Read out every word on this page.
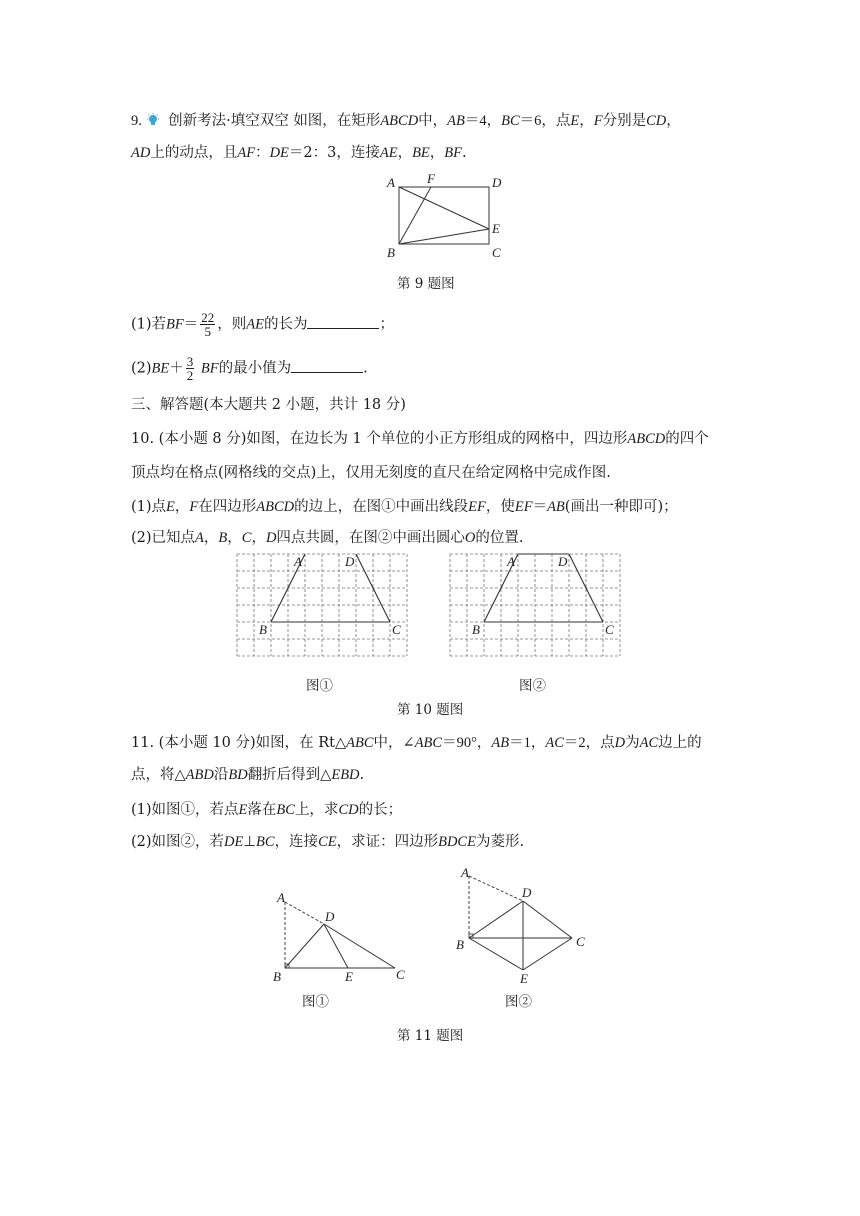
9. 创新考法·填空双空 如图，在矩形ABCD中，AB＝4，BC＝6，点E，F分别是CD，
AD上的动点，且AF：DE＝2：3，连接AE，BE，BF.
A F	D
E
B	C
第 9 题图
(1)若$BF= \frac{22}{5}$ ，则AE的长为	；
$(2)BE+ \frac{3}{2}$ BF的最小值为	.
三、解答题(本大题共 2 小题，共计 18 分)
10. (本小题 8 分)如图，在边长为 1 个单位的小正方形组成的网格中，四边形ABCD的四个
顶点均在格点(网格线的交点)上，仅用无刻度的直尺在给定网格中完成作图.
(1)点E，F在四边形ABCD的边上，在图①中画出线段EF，使EF＝AB(画出一种即可)；
(2)已知点A，B，C，D四点共圆，在图②中画出圆心O的位置.
A	D
B	C
A	D
B	C
图①	图②
第 10 题图
11. (本小题 10 分)如图，在 Rt△ABC中，∠ABC＝90°，AB＝1，AC＝2，点D为AC边上的
点，将△ABD沿BD翻折后得到△EBD.
(1)如图①，若点E落在BC上，求CD的长；
(2)如图②，若DE⊥BC，连接CE，求证：四边形BDCE为菱形.
A
D
B	E	C
图①
A
D
B	C
E
图②
第 11 题图
